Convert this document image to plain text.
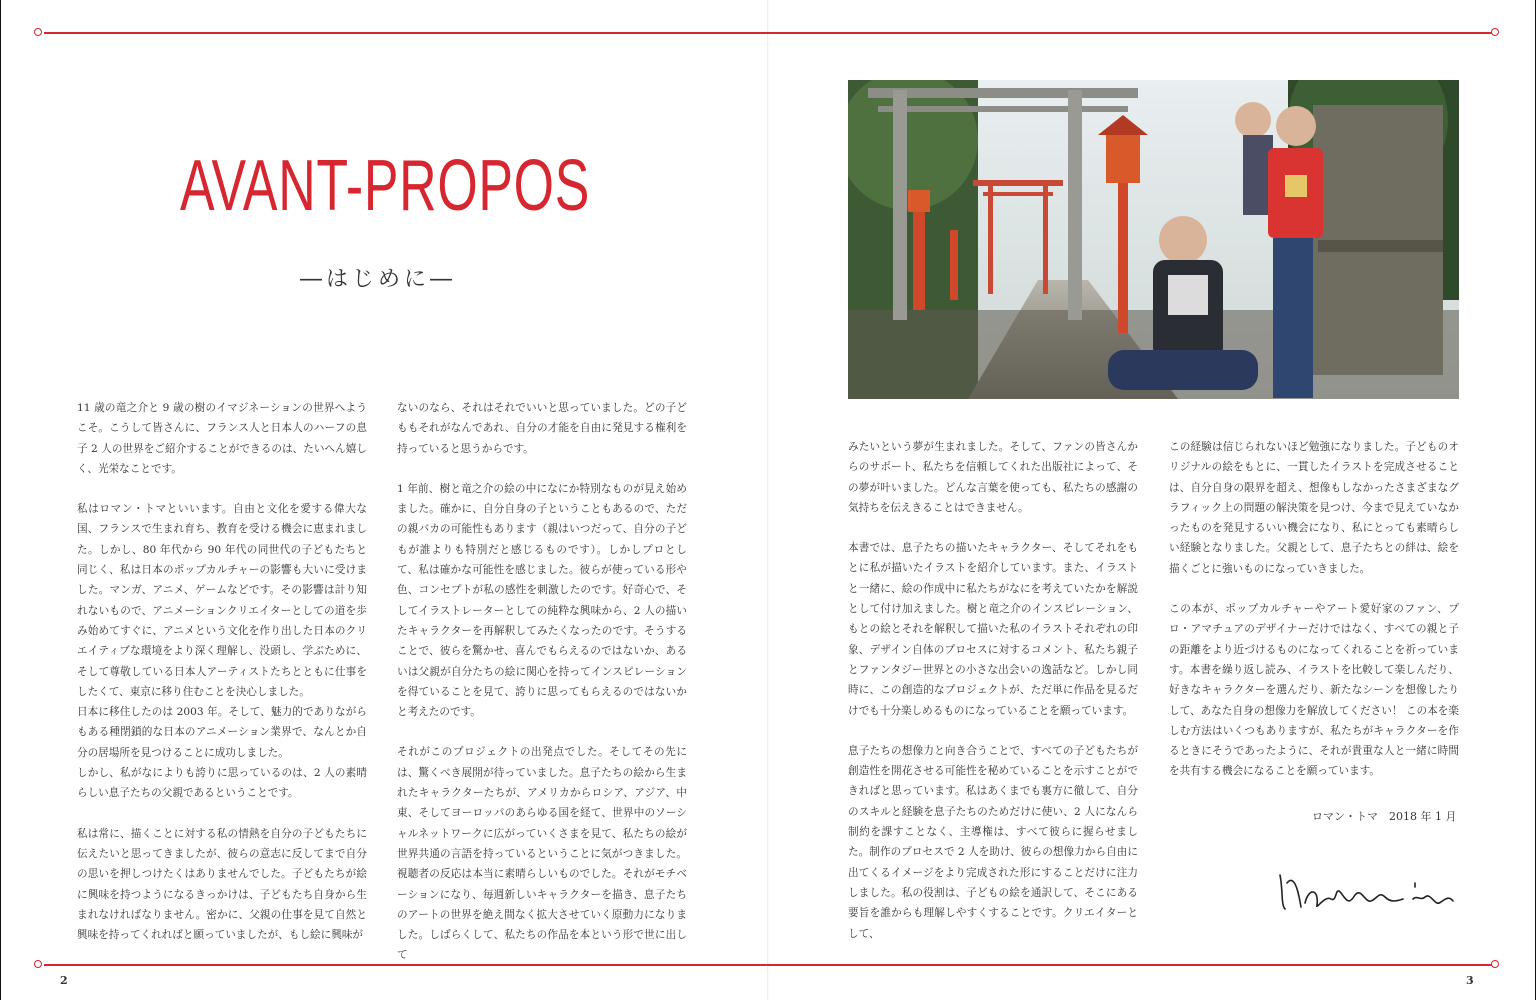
AVANT-PROPOS
―はじめに―

11 歳の竜之介と 9 歳の樹のイマジネーションの世界へようこそ。こうして皆さんに、フランス人と日本人のハーフの息子 2 人の世界をご紹介することができるのは、たいへん嬉しく、光栄なことです。

私はロマン・トマといいます。自由と文化を愛する偉大な国、フランスで生まれ育ち、教育を受ける機会に恵まれました。しかし、80 年代から 90 年代の同世代の子どもたちと同じく、私は日本のポップカルチャーの影響も大いに受けました。マンガ、アニメ、ゲームなどです。その影響は計り知れないもので、アニメーションクリエイターとしての道を歩み始めてすぐに、アニメという文化を作り出した日本のクリエイティブな環境をより深く理解し、没頭し、学ぶために、そして尊敬している日本人アーティストたちとともに仕事をしたくて、東京に移り住むことを決心しました。

日本に移住したのは 2003 年。そして、魅力的でありながらもある種閉鎖的な日本のアニメーション業界で、なんとか自分の居場所を見つけることに成功しました。

しかし、私がなによりも誇りに思っているのは、2 人の素晴らしい息子たちの父親であるということです。

私は常に、描くことに対する私の情熱を自分の子どもたちに伝えたいと思ってきましたが、彼らの意志に反してまで自分の思いを押しつけたくはありませんでした。子どもたちが絵に興味を持つようになるきっかけは、子どもたち自身から生まれなければなりません。密かに、父親の仕事を見て自然と興味を持ってくれればと願っていましたが、もし絵に興味が

ないのなら、それはそれでいいと思っていました。どの子どももそれがなんであれ、自分の才能を自由に発見する権利を持っていると思うからです。

1 年前、樹と竜之介の絵の中になにか特別なものが見え始めました。確かに、自分自身の子ということもあるので、ただの親バカの可能性もあります（親はいつだって、自分の子どもが誰よりも特別だと感じるものです）。しかしプロとして、私は確かな可能性を感じました。彼らが使っている形や色、コンセプトが私の感性を刺激したのです。好奇心で、そしてイラストレーターとしての純粋な興味から、2 人の描いたキャラクターを再解釈してみたくなったのです。そうすることで、彼らを驚かせ、喜んでもらえるのではないか、あるいは父親が自分たちの絵に関心を持ってインスピレーションを得ていることを見て、誇りに思ってもらえるのではないかと考えたのです。

それがこのプロジェクトの出発点でした。そしてその先には、驚くべき展開が待っていました。息子たちの絵から生まれたキャラクターたちが、アメリカからロシア、アジア、中東、そしてヨーロッパのあらゆる国を経て、世界中のソーシャルネットワークに広がっていくさまを見て、私たちの絵が世界共通の言語を持っているということに気がつきました。視聴者の反応は本当に素晴らしいものでした。それがモチベーションになり、毎週新しいキャラクターを描き、息子たちのアートの世界を絶え間なく拡大させていく原動力になりました。しばらくして、私たちの作品を本という形で世に出して

みたいという夢が生まれました。そして、ファンの皆さんからのサポート、私たちを信頼してくれた出版社によって、その夢が叶いました。どんな言葉を使っても、私たちの感謝の気持ちを伝えきることはできません。

本書では、息子たちの描いたキャラクター、そしてそれをもとに私が描いたイラストを紹介しています。また、イラストと一緒に、絵の作成中に私たちがなにを考えていたかを解説として付け加えました。樹と竜之介のインスピレーション、もとの絵とそれを解釈して描いた私のイラストそれぞれの印象、デザイン自体のプロセスに対するコメント、私たち親子とファンタジー世界との小さな出会いの逸話など。しかし同時に、この創造的なプロジェクトが、ただ単に作品を見るだけでも十分楽しめるものになっていることを願っています。

息子たちの想像力と向き合うことで、すべての子どもたちが創造性を開花させる可能性を秘めていることを示すことができればと思っています。私はあくまでも裏方に徹して、自分のスキルと経験を息子たちのためだけに使い、2 人になんら制約を課すことなく、主導権は、すべて彼らに握らせました。制作のプロセスで 2 人を助け、彼らの想像力から自由に出てくるイメージをより完成された形にすることだけに注力しました。私の役割は、子どもの絵を通訳して、そこにある要旨を誰からも理解しやすくすることです。クリエイターとして、

この経験は信じられないほど勉強になりました。子どものオリジナルの絵をもとに、一貫したイラストを完成させることは、自分自身の限界を超え、想像もしなかったさまざまなグラフィック上の問題の解決策を見つけ、今まで見えていなかったものを発見するいい機会になり、私にとっても素晴らしい経験となりました。父親として、息子たちとの絆は、絵を描くごとに強いものになっていきました。

この本が、ポップカルチャーやアート愛好家のファン、プロ・アマチュアのデザイナーだけではなく、すべての親と子の距離をより近づけるものになってくれることを祈っています。本書を繰り返し読み、イラストを比較して楽しんだり、好きなキャラクターを選んだり、新たなシーンを想像したりして、あなた自身の想像力を解放してください！ この本を楽しむ方法はいくつもありますが、私たちがキャラクターを作るときにそうであったように、それが貴重な人と一緒に時間を共有する機会になることを願っています。

ロマン・トマ　2018 年 1 月
2	3
